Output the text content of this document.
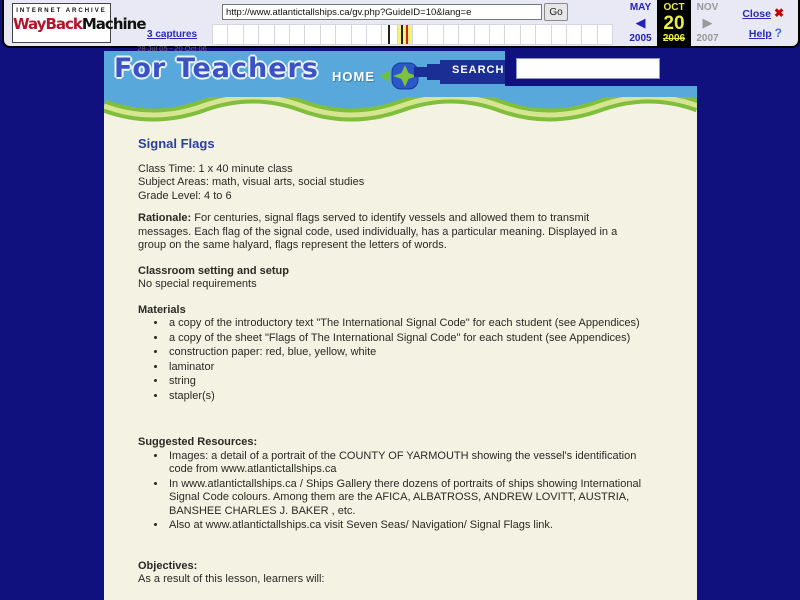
INTERNET ARCHIVE
WayBackMachine
3 captures
28 Jul 05 - 20 Oct 06
http://www.atlantictallships.ca/gv.php?GuideID=10&lang=e
Go	MAY
◀
2005
OCT
20
2006
NOV
▶
2007
Close ✖
Help ?
For Teachers HOME	SEARCH
Signal Flags
Class Time: 1 x 40 minute class
Subject Areas: math, visual arts, social studies
Grade Level: 4 to 6
Rationale: For centuries, signal flags served to identify vessels and allowed them to transmit messages. Each flag of the signal code, used individually, has a particular meaning. Displayed in a group on the same halyard, flags represent the letters of words.
Classroom setting and setup
No special requirements
Materials
• a copy of the introductory text "The International Signal Code" for each student (see Appendices)
• a copy of the sheet "Flags of The International Signal Code" for each student (see Appendices)
• construction paper: red, blue, yellow, white
• laminator
• string
• stapler(s)
Suggested Resources:
• Images: a detail of a portrait of the COUNTY OF YARMOUTH showing the vessel's identification code from www.atlantictallships.ca
• In www.atlantictallships.ca / Ships Gallery there dozens of portraits of ships showing International Signal Code colours. Among them are the AFICA, ALBATROSS, ANDREW LOVITT, AUSTRIA, BANSHEE CHARLES J. BAKER , etc.
• Also at www.atlantictallships.ca visit Seven Seas/ Navigation/ Signal Flags link.
Objectives:
As a result of this lesson, learners will:
